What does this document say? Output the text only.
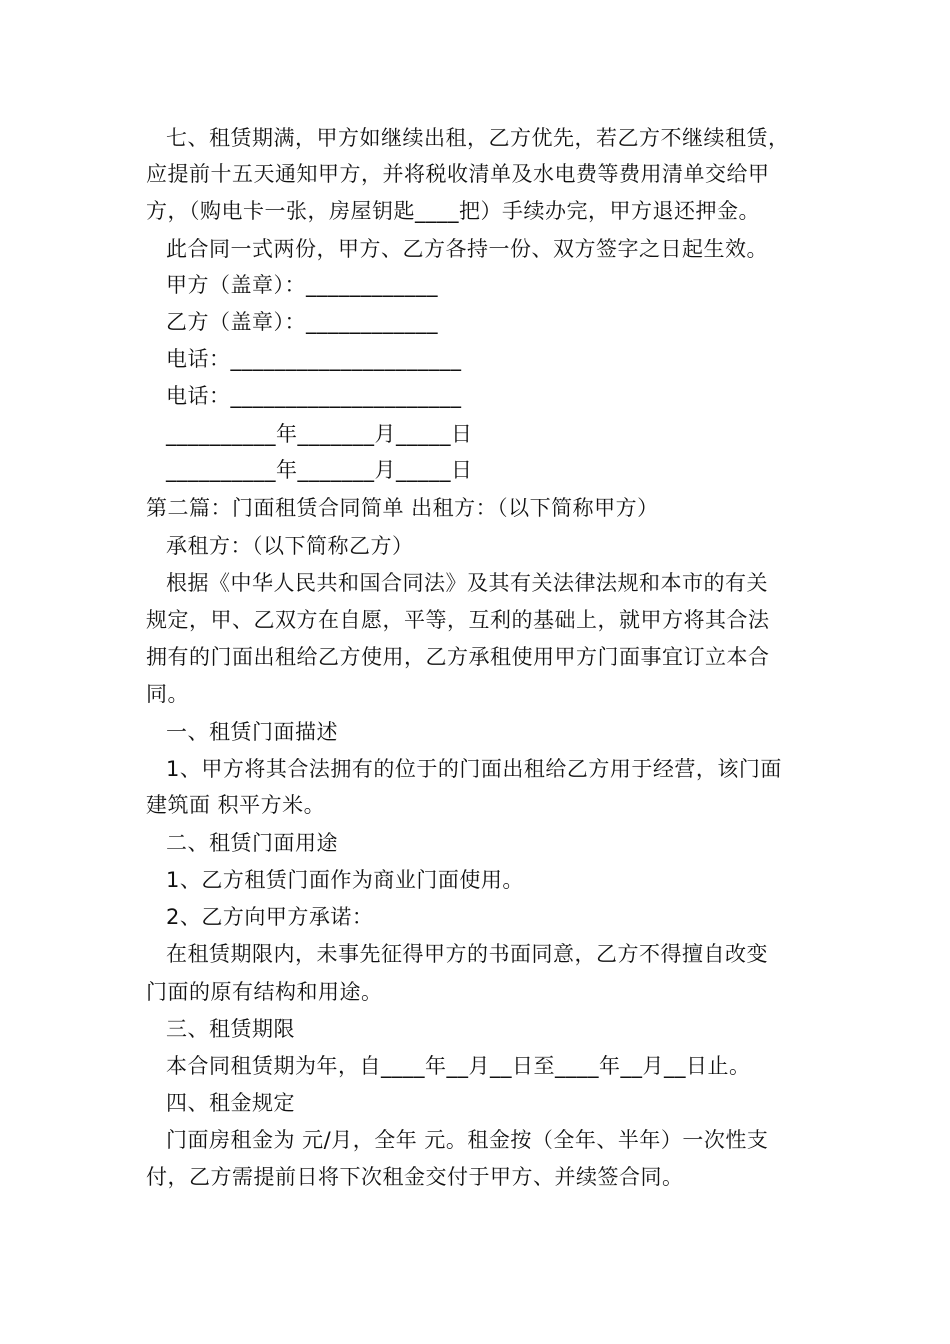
七、租赁期满，甲方如继续出租，乙方优先，若乙方不继续租赁，
应提前十五天通知甲方，并将税收清单及水电费等费用清单交给甲
方，（购电卡一张，房屋钥匙____把）手续办完，甲方退还押金。
此合同一式两份，甲方、乙方各持一份、双方签字之日起生效。
甲方（盖章）：____________
乙方（盖章）：____________
电话：_____________________
电话：_____________________
__________年_______月_____日
__________年_______月_____日
第二篇：门面租赁合同简单 出租方：（以下简称甲方）
承租方：（以下简称乙方）
根据《中华人民共和国合同法》及其有关法律法规和本市的有关
规定，甲、乙双方在自愿，平等，互利的基础上，就甲方将其合法
拥有的门面出租给乙方使用，乙方承租使用甲方门面事宜订立本合
同。
一、租赁门面描述
1、甲方将其合法拥有的位于的门面出租给乙方用于经营，该门面
建筑面 积平方米。
二、租赁门面用途
1、乙方租赁门面作为商业门面使用。
2、乙方向甲方承诺：
在租赁期限内，未事先征得甲方的书面同意，乙方不得擅自改变
门面的原有结构和用途。
三、租赁期限
本合同租赁期为年，自____年__月__日至____年__月__日止。
四、租金规定
门面房租金为 元/月，全年 元。租金按（全年、半年）一次性支
付，乙方需提前日将下次租金交付于甲方、并续签合同。
